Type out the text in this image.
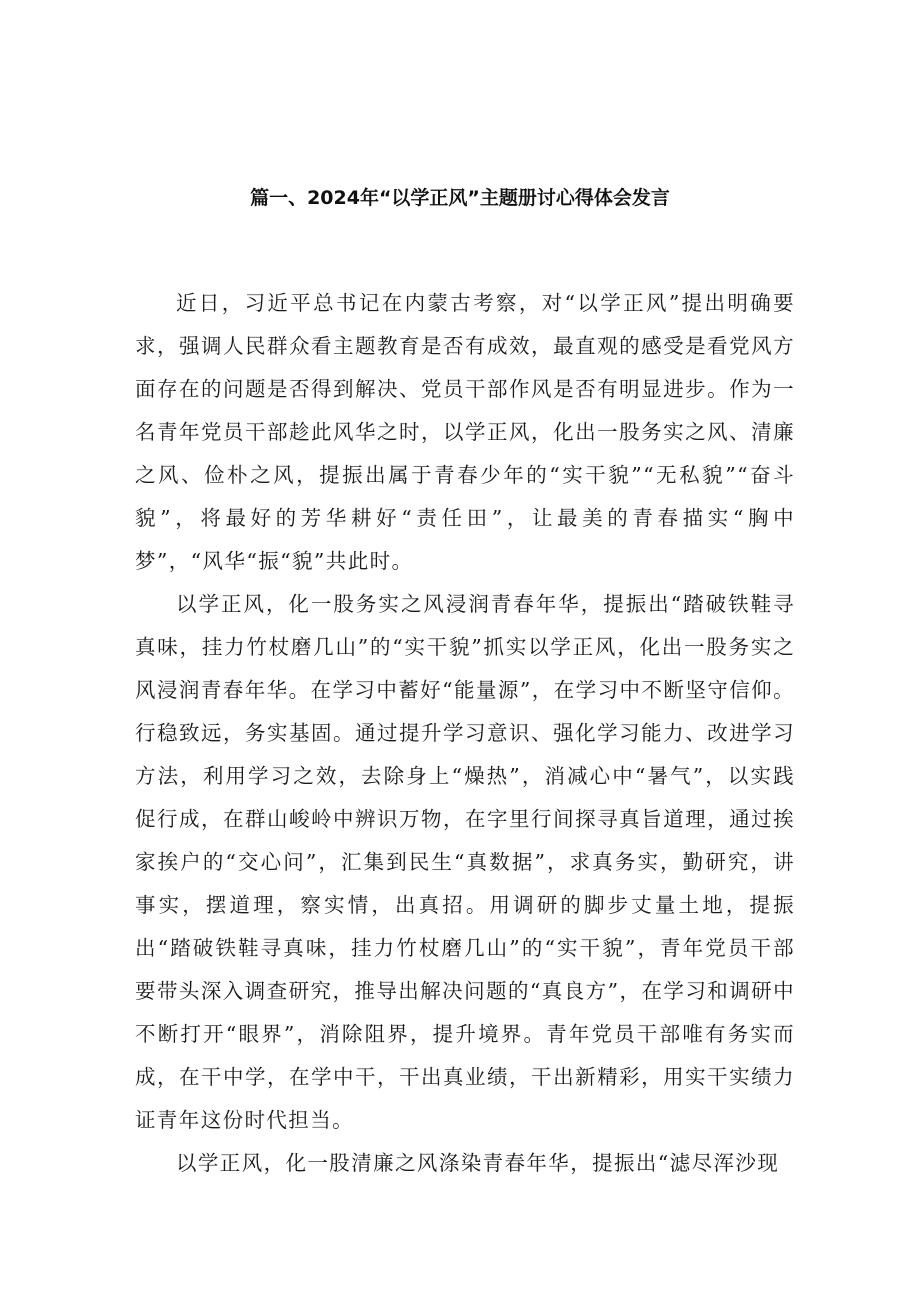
篇一、2024年“以学正风”主题册讨心得体会发言

近日，习近平总书记在内蒙古考察，对“以学正风”提出明确要求，强调人民群众看主题教育是否有成效，最直观的感受是看党风方面存在的问题是否得到解决、党员干部作风是否有明显进步。作为一名青年党员干部趁此风华之时，以学正风，化出一股务实之风、清廉之风、俭朴之风，提振出属于青春少年的“实干貌”“无私貌”“奋斗貌”，将最好的芳华耕好“责任田”，让最美的青春描实“胸中梦”，“风华“振“貌”共此时。

以学正风，化一股务实之风浸润青春年华，提振出“踏破铁鞋寻真味，挂力竹杖磨几山”的“实干貌”抓实以学正风，化出一股务实之风浸润青春年华。在学习中蓄好“能量源”，在学习中不断坚守信仰。行稳致远，务实基固。通过提升学习意识、强化学习能力、改进学习方法，利用学习之效，去除身上“燥热”，消减心中“暑气”，以实践促行成，在群山峻岭中辨识万物，在字里行间探寻真旨道理，通过挨家挨户的“交心问”，汇集到民生“真数据”，求真务实，勤研究，讲事实，摆道理，察实情，出真招。用调研的脚步丈量土地，提振出“踏破铁鞋寻真味，挂力竹杖磨几山”的“实干貌”，青年党员干部要带头深入调查研究，推导出解决问题的“真良方”，在学习和调研中不断打开“眼界”，消除阻界，提升境界。青年党员干部唯有务实而成，在干中学，在学中干，干出真业绩，干出新精彩，用实干实绩力证青年这份时代担当。

以学正风，化一股清廉之风涤染青春年华，提振出“滤尽浑沙现
